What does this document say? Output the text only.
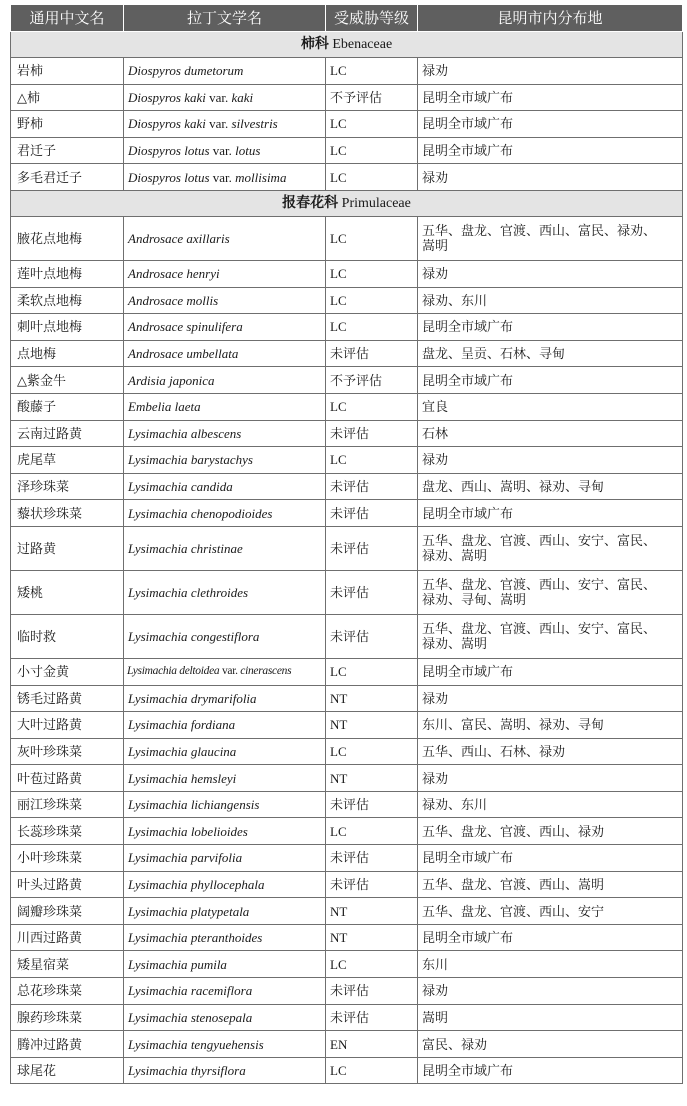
通用中文名	拉丁文学名	受威胁等级	昆明市内分布地
柿科 Ebenaceae			
岩柿	Diospyros dumetorum	LC	禄劝
△柿	Diospyros kaki var. kaki	不予评估	昆明全市域广布
野柿	Diospyros kaki var. silvestris	LC	昆明全市域广布
君迁子	Diospyros lotus var. lotus	LC	昆明全市域广布
多毛君迁子	Diospyros lotus var. mollisima	LC	禄劝
报春花科 Primulaceae			
腋花点地梅	Androsace axillaris	LC	五华、盘龙、官渡、西山、富民、禄劝、
嵩明

莲叶点地梅	Androsace henryi	LC	禄劝
柔软点地梅	Androsace mollis	LC	禄劝、东川
刺叶点地梅	Androsace spinulifera	LC	昆明全市域广布
点地梅	Androsace umbellata	未评估	盘龙、呈贡、石林、寻甸
△紫金牛	Ardisia japonica	不予评估	昆明全市域广布
酸藤子	Embelia laeta	LC	宜良
云南过路黄	Lysimachia albescens	未评估	石林
虎尾草	Lysimachia barystachys	LC	禄劝
泽珍珠菜	Lysimachia candida	未评估	盘龙、西山、嵩明、禄劝、寻甸
藜状珍珠菜	Lysimachia chenopodioides	未评估	昆明全市域广布
过路黄	Lysimachia christinae	未评估	五华、盘龙、官渡、西山、安宁、富民、
禄劝、嵩明

矮桃	Lysimachia clethroides	未评估	五华、盘龙、官渡、西山、安宁、富民、
禄劝、寻甸、嵩明

临时救	Lysimachia congestiflora	未评估	五华、盘龙、官渡、西山、安宁、富民、
禄劝、嵩明

小寸金黄	Lysimachia deltoidea var. cinerascens	LC	昆明全市域广布
锈毛过路黄	Lysimachia drymarifolia	NT	禄劝
大叶过路黄	Lysimachia fordiana	NT	东川、富民、嵩明、禄劝、寻甸
灰叶珍珠菜	Lysimachia glaucina	LC	五华、西山、石林、禄劝
叶苞过路黄	Lysimachia hemsleyi	NT	禄劝
丽江珍珠菜	Lysimachia lichiangensis	未评估	禄劝、东川
长蕊珍珠菜	Lysimachia lobelioides	LC	五华、盘龙、官渡、西山、禄劝
小叶珍珠菜	Lysimachia parvifolia	未评估	昆明全市域广布
叶头过路黄	Lysimachia phyllocephala	未评估	五华、盘龙、官渡、西山、嵩明
阔瓣珍珠菜	Lysimachia platypetala	NT	五华、盘龙、官渡、西山、安宁
川西过路黄	Lysimachia pteranthoides	NT	昆明全市域广布
矮星宿菜	Lysimachia pumila	LC	东川
总花珍珠菜	Lysimachia racemiflora	未评估	禄劝
腺药珍珠菜	Lysimachia stenosepala	未评估	嵩明
腾冲过路黄	Lysimachia tengyuehensis	EN	富民、禄劝
球尾花	Lysimachia thyrsiflora	LC	昆明全市域广布
